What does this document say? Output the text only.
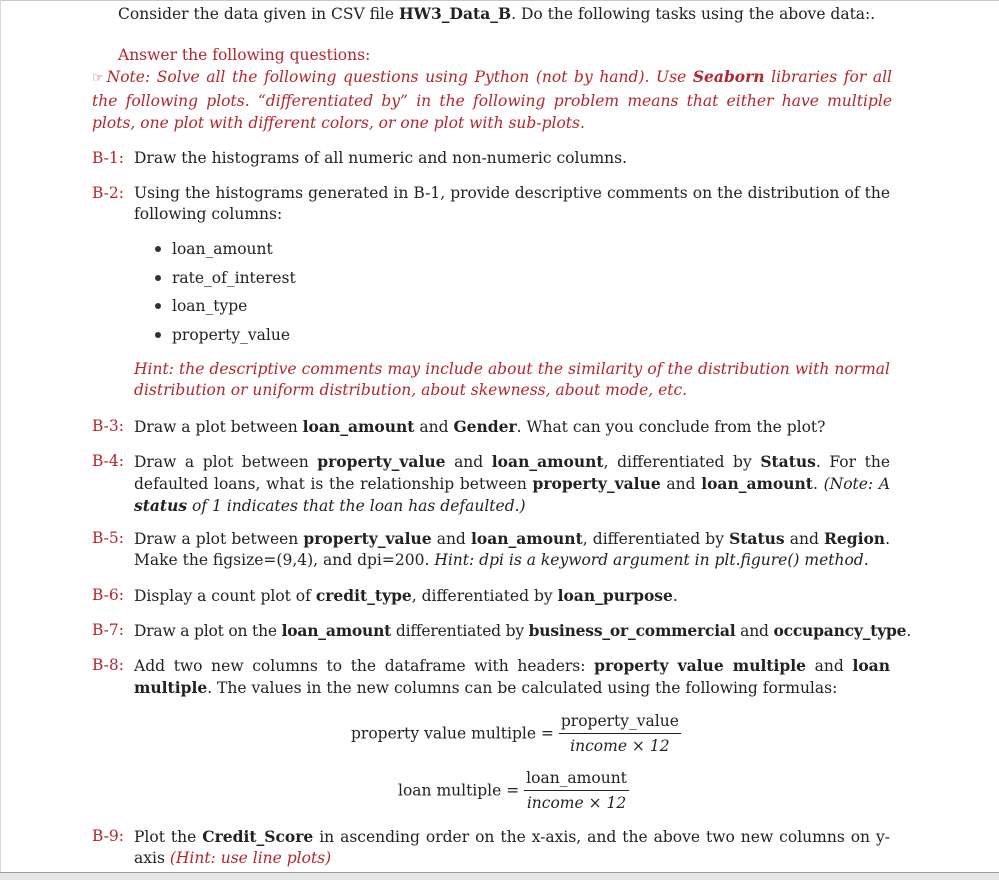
Consider the data given in CSV file HW3_Data_B. Do the following tasks using the above data:.
Answer the following questions:
☞ Note: Solve all the following questions using Python (not by hand). Use Seaborn libraries for all the following plots. “differentiated by” in the following problem means that either have multiple plots, one plot with different colors, or one plot with sub-plots.
B-1: Draw the histograms of all numeric and non-numeric columns.
B-2: Using the histograms generated in B-1, provide descriptive comments on the distribution of the following columns:
loan_amount
rate_of_interest
loan_type
property_value
Hint: the descriptive comments may include about the similarity of the distribution with normal distribution or uniform distribution, about skewness, about mode, etc.
B-3: Draw a plot between loan_amount and Gender. What can you conclude from the plot?
B-4: Draw a plot between property_value and loan_amount, differentiated by Status. For the defaulted loans, what is the relationship between property_value and loan_amount. (Note: A status of 1 indicates that the loan has defaulted.)
B-5: Draw a plot between property_value and loan_amount, differentiated by Status and Region. Make the figsize=(9,4), and dpi=200. Hint: dpi is a keyword argument in plt.figure() method.
B-6: Display a count plot of credit_type, differentiated by loan_purpose.
B-7: Draw a plot on the loan_amount differentiated by business_or_commercial and occupancy_type.
B-8: Add two new columns to the dataframe with headers: property value multiple and loan multiple. The values in the new columns can be calculated using the following formulas:
property value multiple = $\frac{\text{property\_value}}{\text{income × 12}}$
loan multiple = $\frac{\text{loan\_amount}}{\text{income × 12}}$
B-9: Plot the Credit_Score in ascending order on the x-axis, and the above two new columns on y-axis (Hint: use line plots)
